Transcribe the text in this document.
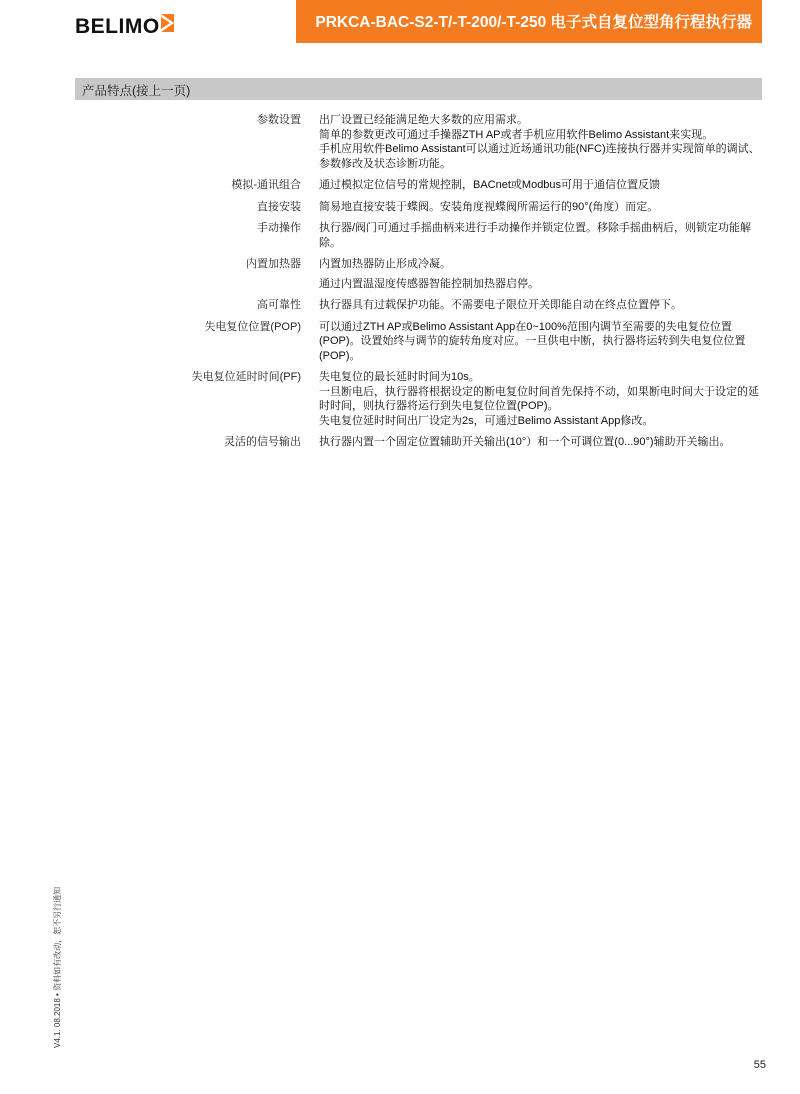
BELIMO	PRKCA-BAC-S2-T/-T-200/-T-250 电子式自复位型角行程执行器
产品特点(接上一页)
参数设置 出厂设置已经能满足绝大多数的应用需求。

简单的参数更改可通过手操器ZTH AP或者手机应用软件Belimo Assistant来实现。

手机应用软件Belimo Assistant可以通过近场通讯功能(NFC)连接执行器并实现简单的调试、参数修改及状态诊断功能。

模拟-通讯组合 通过模拟定位信号的常规控制，BACnet或Modbus可用于通信位置反馈

直接安装 简易地直接安装于蝶阀。安装角度视蝶阀所需运行的90°(角度）而定。

手动操作 执行器/阀门可通过手摇曲柄来进行手动操作并锁定位置。移除手摇曲柄后，则锁定功能解除。

内置加热器 内置加热器防止形成冷凝。

通过内置温湿度传感器智能控制加热器启停。

高可靠性 执行器具有过载保护功能。不需要电子限位开关即能自动在终点位置停下。

失电复位位置(POP) 可以通过ZTH AP或Belimo Assistant App在0~100%范围内调节至需要的失电复位位置(POP)。设置始终与调节的旋转角度对应。一旦供电中断，执行器将运转到失电复位位置(POP)。

失电复位延时时间(PF) 失电复位的最长延时时间为10s。

一旦断电后，执行器将根据设定的断电复位时间首先保持不动，如果断电时间大于设定的延时时间，则执行器将运行到失电复位位置(POP)。

失电复位延时时间出厂设定为2s，可通过Belimo Assistant App修改。

灵活的信号输出 执行器内置一个固定位置辅助开关输出(10°）和一个可调位置(0...90°)辅助开关输出。

V4.1. 08.2018 • 资料如有改动，恕不另行通知
55
